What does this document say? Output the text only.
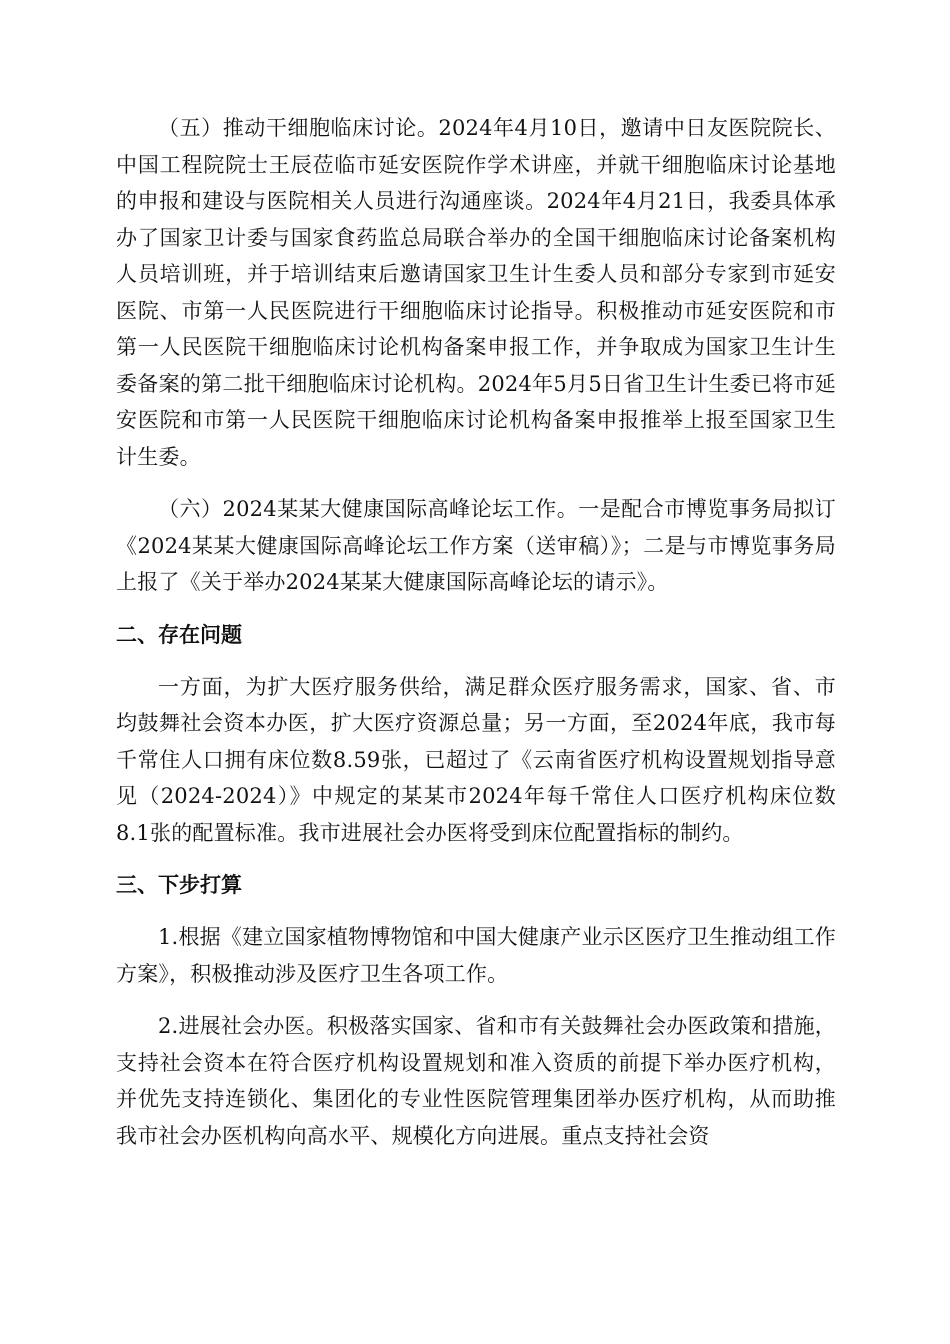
（五）推动干细胞临床讨论。2024年4月10日，邀请中日友医院院长、中国工程院院士王辰莅临市延安医院作学术讲座，并就干细胞临床讨论基地的申报和建设与医院相关人员进行沟通座谈。2024年4月21日，我委具体承办了国家卫计委与国家食药监总局联合举办的全国干细胞临床讨论备案机构人员培训班，并于培训结束后邀请国家卫生计生委人员和部分专家到市延安医院、市第一人民医院进行干细胞临床讨论指导。积极推动市延安医院和市第一人民医院干细胞临床讨论机构备案申报工作，并争取成为国家卫生计生委备案的第二批干细胞临床讨论机构。2024年5月5日省卫生计生委已将市延安医院和市第一人民医院干细胞临床讨论机构备案申报推举上报至国家卫生计生委。

（六）2024某某大健康国际高峰论坛工作。一是配合市博览事务局拟订《2024某某大健康国际高峰论坛工作方案（送审稿）》；二是与市博览事务局上报了《关于举办2024某某大健康国际高峰论坛的请示》。

二、存在问题

一方面，为扩大医疗服务供给，满足群众医疗服务需求，国家、省、市均鼓舞社会资本办医，扩大医疗资源总量；另一方面，至2024年底，我市每千常住人口拥有床位数8.59张，已超过了《云南省医疗机构设置规划指导意见（2024-2024）》中规定的某某市2024年每千常住人口医疗机构床位数8.1张的配置标准。我市进展社会办医将受到床位配置指标的制约。

三、下步打算

1.根据《建立国家植物博物馆和中国大健康产业示区医疗卫生推动组工作方案》，积极推动涉及医疗卫生各项工作。

2.进展社会办医。积极落实国家、省和市有关鼓舞社会办医政策和措施，支持社会资本在符合医疗机构设置规划和准入资质的前提下举办医疗机构，并优先支持连锁化、集团化的专业性医院管理集团举办医疗机构，从而助推我市社会办医机构向高水平、规模化方向进展。重点支持社会资
